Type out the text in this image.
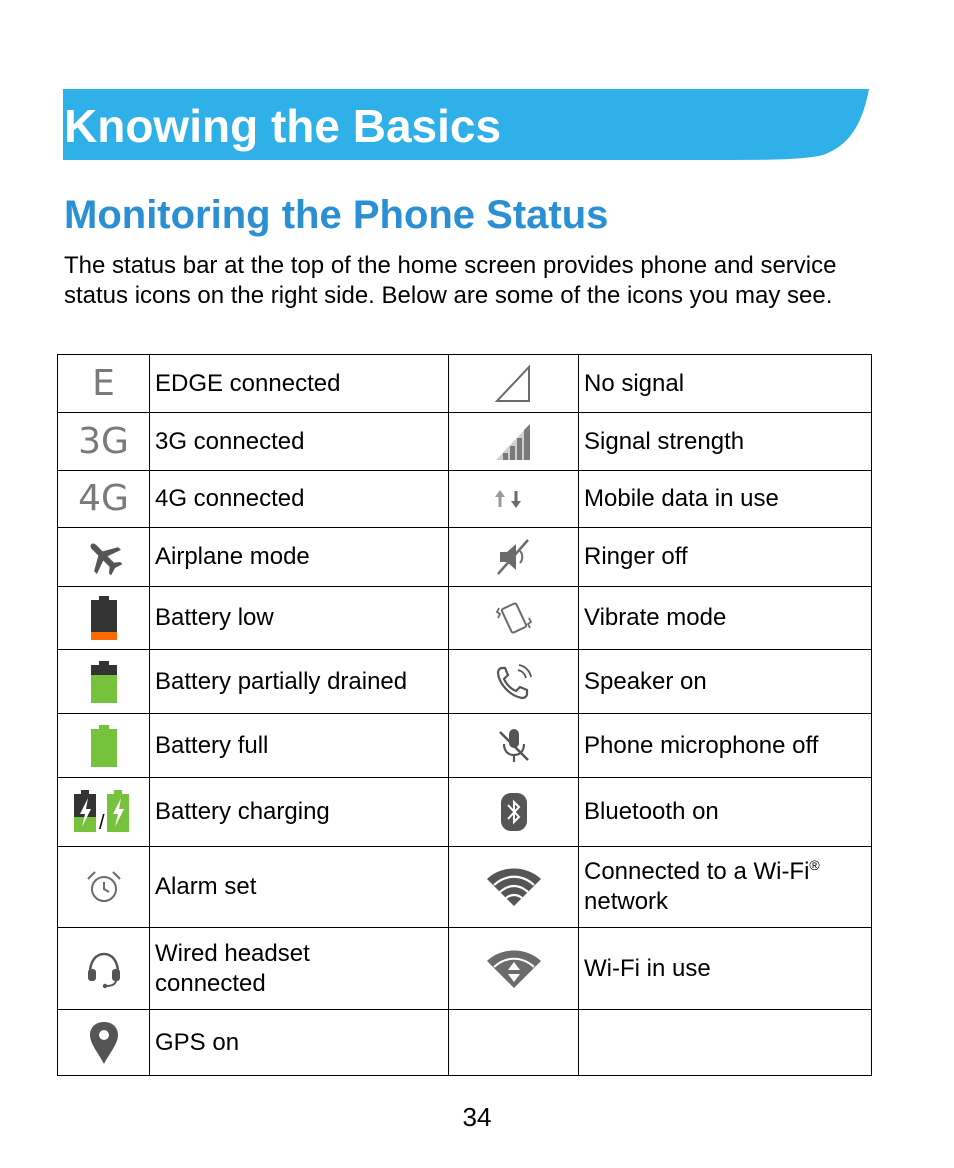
Knowing the Basics
Monitoring the Phone Status

The status bar at the top of the home screen provides phone and service status icons on the right side. Below are some of the icons you may see.

E	EDGE connected		No signal
3G	3G connected		Signal strength
4G	4G connected		Mobile data in use

	Airplane mode		Ringer off

	Battery low		Vibrate mode

	Battery partially drained		Speaker on

	Battery full		Phone microphone off

/	Battery charging		Bluetooth on

	Alarm set		Connected to a Wi-Fi®
network

	Wired headset
connected		Wi-Fi in use

	GPS on		
34
